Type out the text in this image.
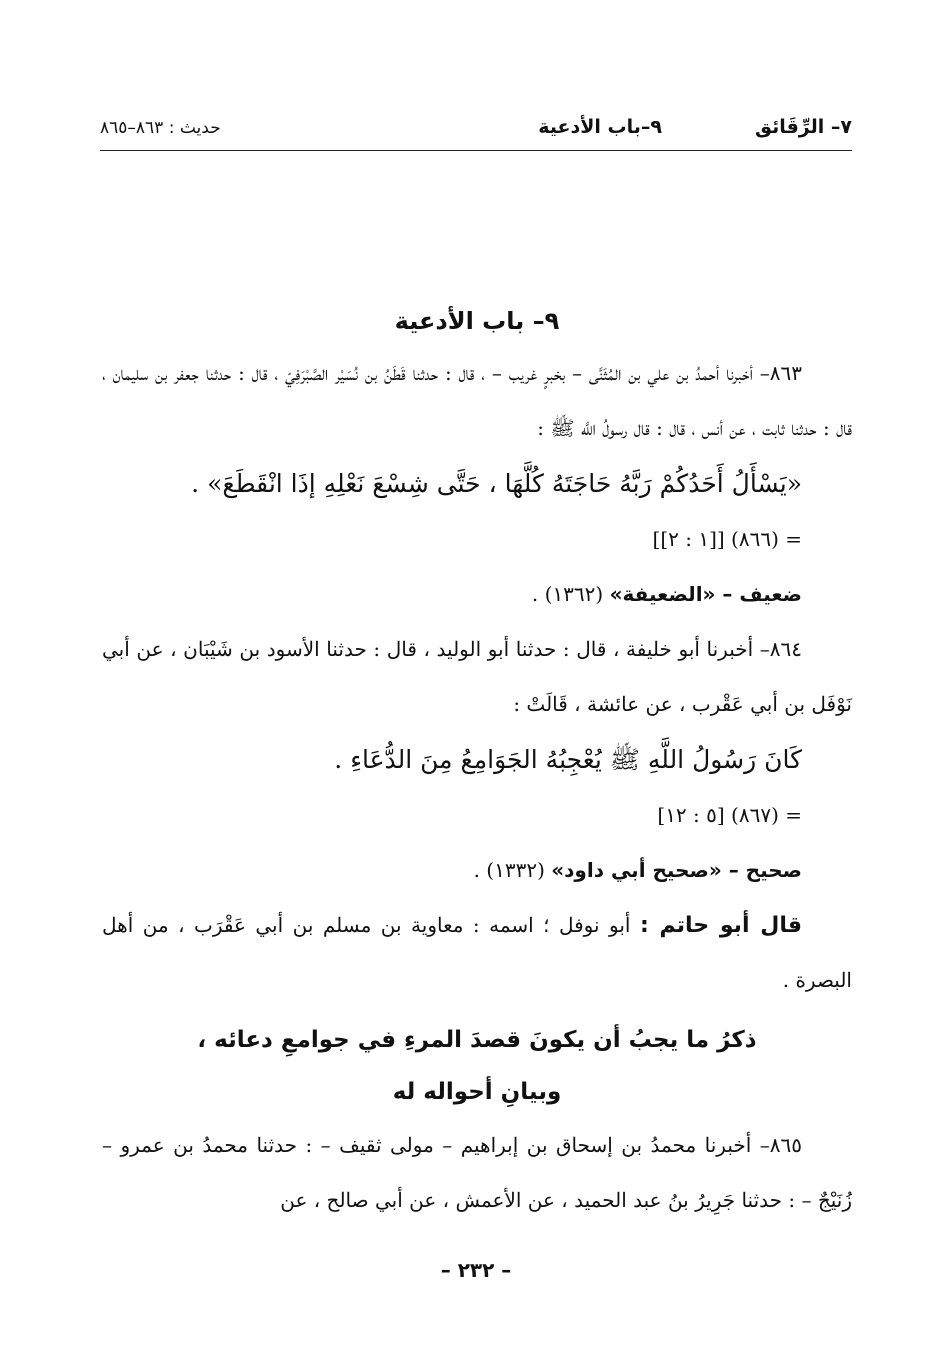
٧– الرِّقَائق
٩–باب الأدعية
حديث : ٨٦٣–٨٦٥

٩– باب الأدعية

٨٦٣– أخبرنا أحمدُ بن علي بن المُثَنَّى – بخبرٍ غريب – ، قال : حدثنا قَطَنُ بن نُسَيْر الصَّبْرَفِيّ ، قال : حدثنا جعفر بن سليمان ، قال : حدثنا ثابت ، عن أنس ، قال : قال رسولُ اللَّه ﷺ :

«يَسْأَلُ أَحَدُكُمْ رَبَّهُ حَاجَتَهُ كُلَّهَا ، حَتَّى شِسْعَ نَعْلِهِ إذَا انْقَطَعَ» .

= (٨٦٦) [[١ : ٢]]

ضعيف – «الضعيفة» (١٣٦٢) .

٨٦٤– أخبرنا أبو خليفة ، قال : حدثنا أبو الوليد ، قال : حدثنا الأسود بن شَيْبَان ، عن أبي نَوْفَل بن أبي عَقْرب ، عن عائشة ، قَالَتْ :

كَانَ رَسُولُ اللَّهِ ﷺ يُعْجِبُهُ الجَوَامِعُ مِنَ الدُّعَاءِ .

= (٨٦٧) [٥ : ١٢]

صحيح – «صحيح أبي داود» (١٣٣٢) .

قال أبو حاتم : أبو نوفل ؛ اسمه : معاوية بن مسلم بن أبي عَقْرَب ، من أهل البصرة .

ذكرُ ما يجبُ أن يكونَ قصدَ المرءِ في جوامعِ دعائه ،
وبيانِ أحواله له

٨٦٥– أخبرنا محمدُ بن إسحاق بن إبراهيم – مولى ثقيف – : حدثنا محمدُ بن عمرو – زُنَيْجٌ – : حدثنا جَرِيرُ بنُ عبد الحميد ، عن الأعمش ، عن أبي صالح ، عن

– ٢٣٢ –
